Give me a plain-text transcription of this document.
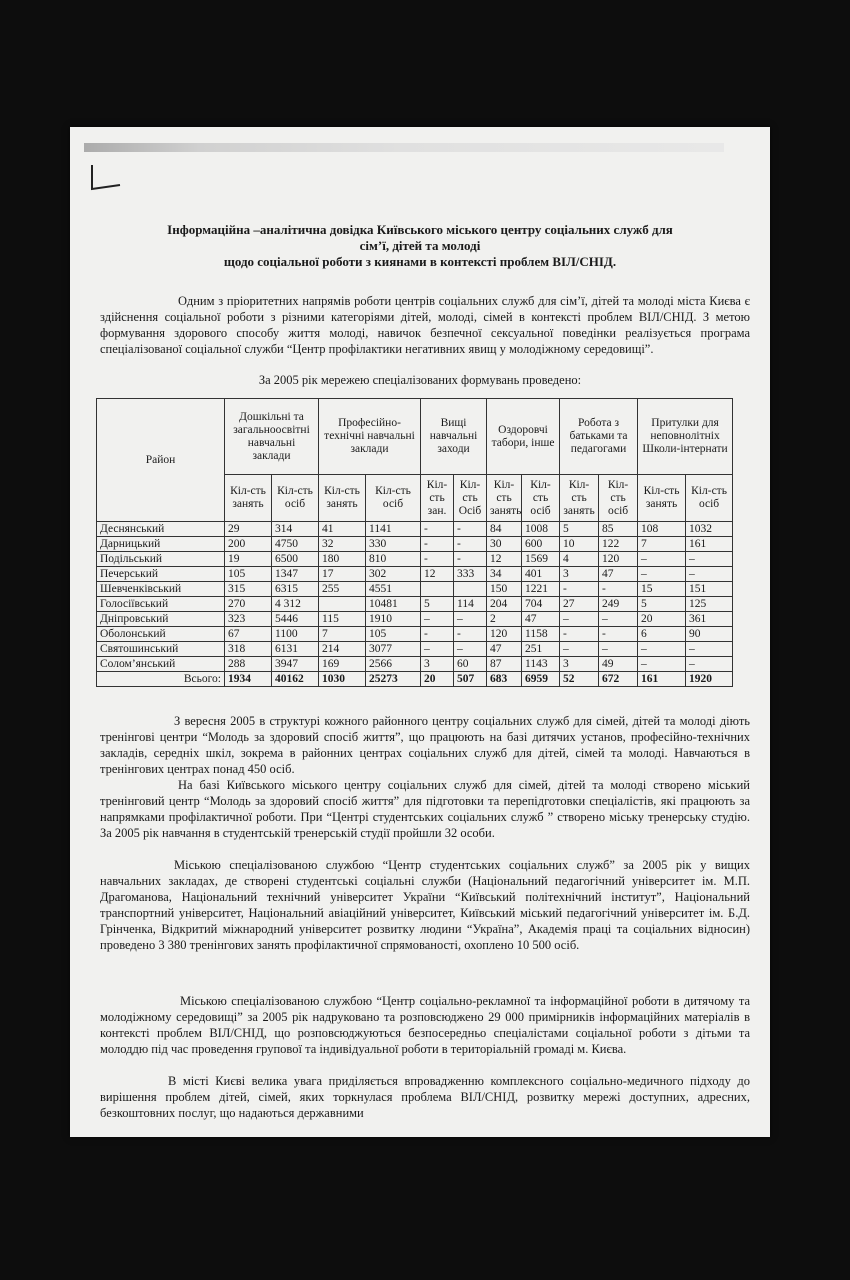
Інформаційна –аналітична довідка Київського міського центру соціальних служб для
сім’ї, дітей та молоді
щодо соціальної роботи з киянами в контексті проблем ВІЛ/СНІД.

Одним з пріоритетних напрямів роботи центрів соціальних служб для сім’ї, дітей та молоді міста Києва є здійснення соціальної роботи з різними категоріями дітей, молоді, сімей в контексті проблем ВІЛ/СНІД. З метою формування здорового способу життя молоді, навичок безпечної сексуальної поведінки реалізується програма спеціалізованої соціальної служби “Центр профілактики негативних явищ у молодіжному середовищі”.

За 2005 рік мережею спеціалізованих формувань проведено:
Район	Дошкільні та загальноосвітні навчальні заклади		Професійно-технічні навчальні заклади		Вищі навчальні заходи		Оздоровчі табори, інше		Робота з батьками та педагогами		Притулки для неповнолітніх Школи-інтернати	
	Кіл-сть занять	Кіл-сть осіб	Кіл-сть занять	Кіл-сть осіб	Кіл-сть зан.	Кіл-сть Осіб	Кіл-сть занять	Кіл-сть осіб	Кіл-сть занять	Кіл-сть осіб	Кіл-сть занять	Кіл-сть осіб
Деснянський	29	314	41	1141	-	-	84	1008	5	85	108	1032
Дарницький	200	4750	32	330	-	-	30	600	10	122	7	161
Подільський	19	6500	180	810	-	-	12	1569	4	120	–	–
Печерський	105	1347	17	302	12	333	34	401	3	47	–	–
Шевченківський	315	6315	255	4551			150	1221	-	-	15	151
Голосіївський	270	4 312		10481	5	114	204	704	27	249	5	125
Дніпровський	323	5446	115	1910	–	–	2	47	–	–	20	361
Оболонський	67	1100	7	105	-	-	120	1158	-	-	6	90
Святошинський	318	6131	214	3077	–	–	47	251	–	–	–	–
Солом’янський	288	3947	169	2566	3	60	87	1143	3	49	–	–
Всього:	1934	40162	1030	25273	20	507	683	6959	52	672	161	1920

З вересня 2005 в структурі кожного районного центру соціальних служб для сімей, дітей та молоді діють тренінгові центри “Молодь за здоровий спосіб життя”, що працюють на базі дитячих установ, професійно-технічних закладів, середніх шкіл, зокрема в районних центрах соціальних служб для дітей, сімей та молоді. Навчаються в тренінгових центрах понад 450 осіб.

На базі Київського міського центру соціальних служб для сімей, дітей та молоді створено міський тренінговий центр “Молодь за здоровий спосіб життя” для підготовки та перепідготовки спеціалістів, які працюють за напрямками профілактичної роботи. При “Центрі студентських соціальних служб ” створено міську тренерську студію. За 2005 рік навчання в студентській тренерській студії пройшли 32 особи.

Міською спеціалізованою службою “Центр студентських соціальних служб” за 2005 рік у вищих навчальних закладах, де створені студентські соціальні служби (Національний педагогічний університет ім. М.П. Драгоманова, Національний технічний університет України “Київський політехнічний інститут”, Національний транспортний університет, Національний авіаційний університет, Київський міський педагогічний університет ім. Б.Д. Грінченка, Відкритий міжнародний університет розвитку людини “Україна”, Академія праці та соціальних відносин) проведено 3 380 тренінгових занять профілактичної спрямованості, охоплено 10 500 осіб.

Міською спеціалізованою службою “Центр соціально-рекламної та інформаційної роботи в дитячому та молодіжному середовищі” за 2005 рік надруковано та розповсюджено 29 000 примірників інформаційних матеріалів в контексті проблем ВІЛ/СНІД, що розповсюджуються безпосередньо спеціалістами соціальної роботи з дітьми та молоддю під час проведення групової та індивідуальної роботи в територіальній громаді м. Києва.

В місті Києві велика увага приділяється впровадженню комплексного соціально-медичного підходу до вирішення проблем дітей, сімей, яких торкнулася проблема ВІЛ/СНІД, розвитку мережі доступних, адресних, безкоштовних послуг, що надаються державними
